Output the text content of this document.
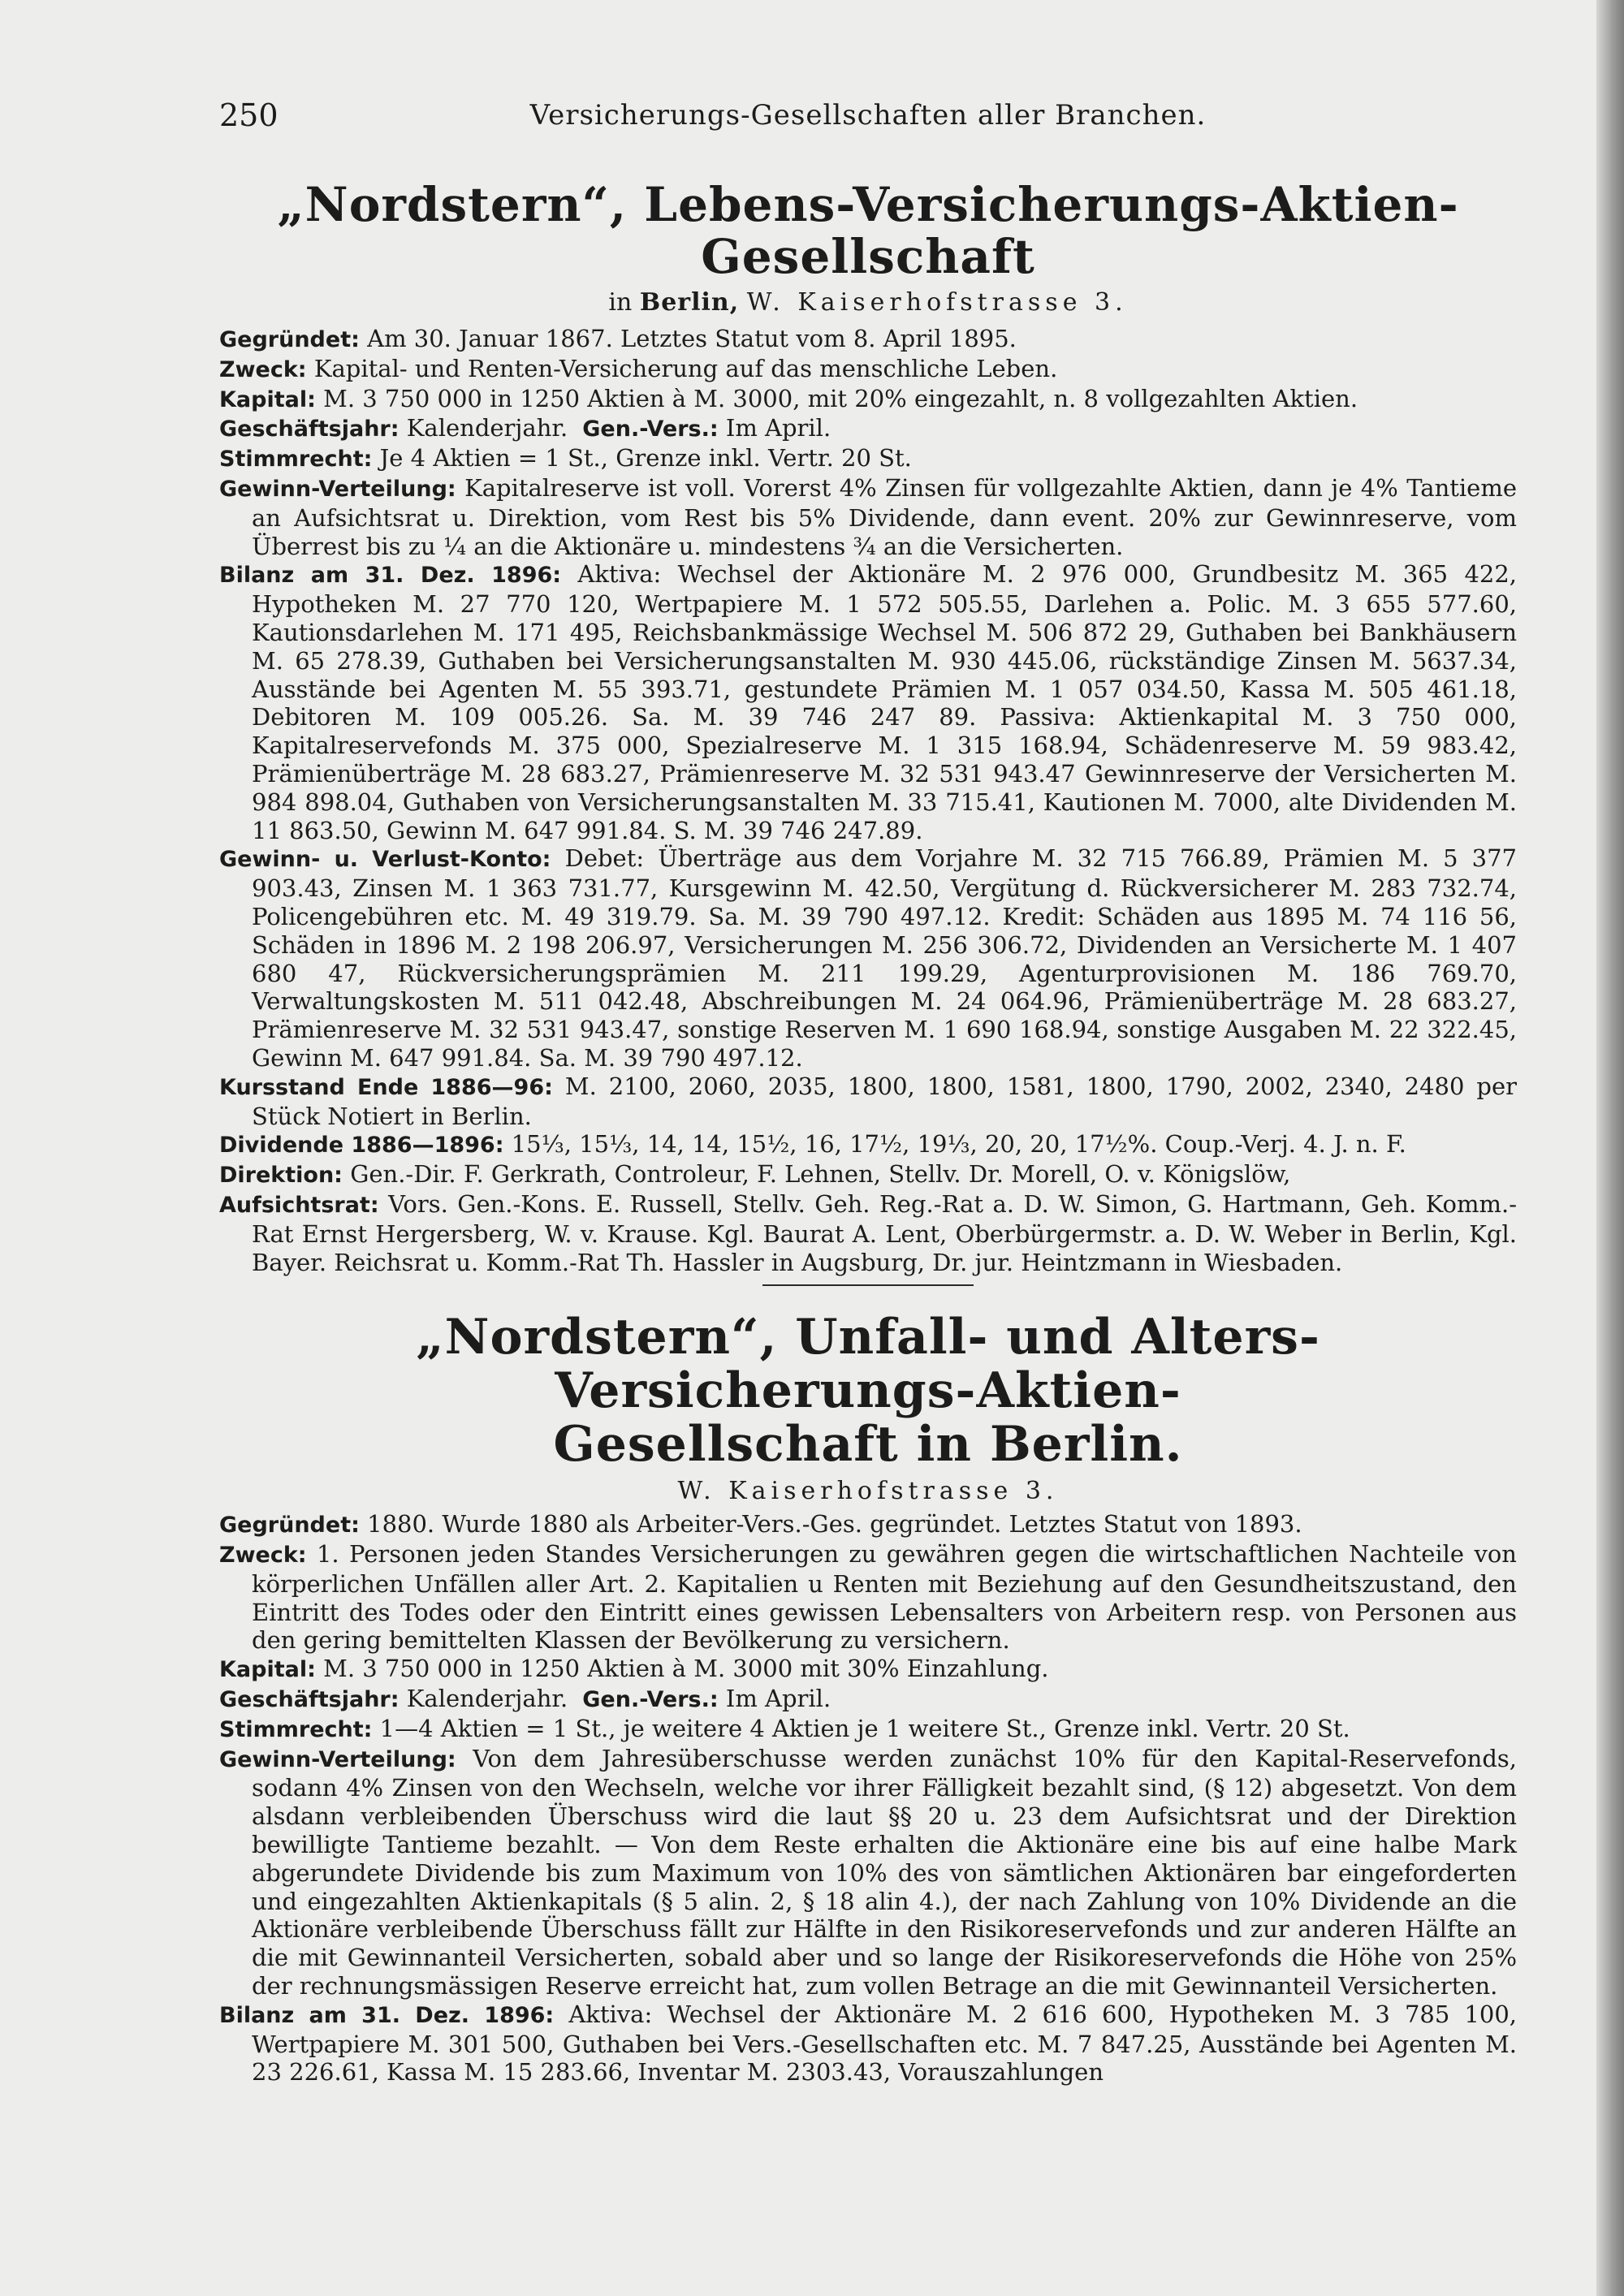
250	Versicherungs-Gesellschaften aller Branchen.
„Nordstern“, Lebens-Versicherungs-Aktien-Gesellschaft
in Berlin, W. Kaiserhofstrasse 3.

Gegründet: Am 30. Januar 1867. Letztes Statut vom 8. April 1895.

Zweck: Kapital- und Renten-Versicherung auf das menschliche Leben.

Kapital: M. 3 750 000 in 1250 Aktien à M. 3000, mit 20% eingezahlt, n. 8 vollgezahlten Aktien.

Geschäftsjahr: Kalenderjahr. Gen.-Vers.: Im April.

Stimmrecht: Je 4 Aktien = 1 St., Grenze inkl. Vertr. 20 St.

Gewinn-Verteilung: Kapitalreserve ist voll. Vorerst 4% Zinsen für vollgezahlte Aktien, dann je 4% Tantieme an Aufsichtsrat u. Direktion, vom Rest bis 5% Dividende, dann event. 20% zur Gewinnreserve, vom Überrest bis zu ¼ an die Aktionäre u. mindestens ¾ an die Versicherten.

Bilanz am 31. Dez. 1896: Aktiva: Wechsel der Aktionäre M. 2 976 000, Grundbesitz M. 365 422, Hypotheken M. 27 770 120, Wertpapiere M. 1 572 505.55, Darlehen a. Polic. M. 3 655 577.60, Kautionsdarlehen M. 171 495, Reichsbankmässige Wechsel M. 506 872 29, Guthaben bei Bankhäusern M. 65 278.39, Guthaben bei Versicherungsanstalten M. 930 445.06, rückständige Zinsen M. 5637.34, Ausstände bei Agenten M. 55 393.71, gestundete Prämien M. 1 057 034.50, Kassa M. 505 461.18, Debitoren M. 109 005.26. Sa. M. 39 746 247 89. Passiva: Aktienkapital M. 3 750 000, Kapitalreservefonds M. 375 000, Spezialreserve M. 1 315 168.94, Schädenreserve M. 59 983.42, Prämienüberträge M. 28 683.27, Prämienreserve M. 32 531 943.47 Gewinnreserve der Versicherten M. 984 898.04, Guthaben von Versicherungsanstalten M. 33 715.41, Kautionen M. 7000, alte Dividenden M. 11 863.50, Gewinn M. 647 991.84. S. M. 39 746 247.89.

Gewinn- u. Verlust-Konto: Debet: Überträge aus dem Vorjahre M. 32 715 766.89, Prämien M. 5 377 903.43, Zinsen M. 1 363 731.77, Kursgewinn M. 42.50, Vergütung d. Rückversicherer M. 283 732.74, Policengebühren etc. M. 49 319.79. Sa. M. 39 790 497.12. Kredit: Schäden aus 1895 M. 74 116 56, Schäden in 1896 M. 2 198 206.97, Versicherungen M. 256 306.72, Dividenden an Versicherte M. 1 407 680 47, Rückversicherungsprämien M. 211 199.29, Agenturprovisionen M. 186 769.70, Verwaltungskosten M. 511 042.48, Abschreibungen M. 24 064.96, Prämienüberträge M. 28 683.27, Prämienreserve M. 32 531 943.47, sonstige Reserven M. 1 690 168.94, sonstige Ausgaben M. 22 322.45, Gewinn M. 647 991.84. Sa. M. 39 790 497.12.

Kursstand Ende 1886—96: M. 2100, 2060, 2035, 1800, 1800, 1581, 1800, 1790, 2002, 2340, 2480 per Stück Notiert in Berlin.

Dividende 1886—1896: 15⅓, 15⅓, 14, 14, 15½, 16, 17½, 19⅓, 20, 20, 17½%. Coup.-Verj. 4. J. n. F.

Direktion: Gen.-Dir. F. Gerkrath, Controleur, F. Lehnen, Stellv. Dr. Morell, O. v. Königslöw,

Aufsichtsrat: Vors. Gen.-Kons. E. Russell, Stellv. Geh. Reg.-Rat a. D. W. Simon, G. Hartmann, Geh. Komm.-Rat Ernst Hergersberg, W. v. Krause. Kgl. Baurat A. Lent, Oberbürgermstr. a. D. W. Weber in Berlin, Kgl. Bayer. Reichsrat u. Komm.-Rat Th. Hassler in Augsburg, Dr. jur. Heintzmann in Wiesbaden.

„Nordstern“, Unfall- und Alters-Versicherungs-Aktien-
Gesellschaft in Berlin.
W. Kaiserhofstrasse 3.

Gegründet: 1880. Wurde 1880 als Arbeiter-Vers.-Ges. gegründet. Letztes Statut von 1893.

Zweck: 1. Personen jeden Standes Versicherungen zu gewähren gegen die wirtschaftlichen Nachteile von körperlichen Unfällen aller Art. 2. Kapitalien u Renten mit Beziehung auf den Gesundheitszustand, den Eintritt des Todes oder den Eintritt eines gewissen Lebensalters von Arbeitern resp. von Personen aus den gering bemittelten Klassen der Bevölkerung zu versichern.

Kapital: M. 3 750 000 in 1250 Aktien à M. 3000 mit 30% Einzahlung.

Geschäftsjahr: Kalenderjahr. Gen.-Vers.: Im April.

Stimmrecht: 1—4 Aktien = 1 St., je weitere 4 Aktien je 1 weitere St., Grenze inkl. Vertr. 20 St.

Gewinn-Verteilung: Von dem Jahresüberschusse werden zunächst 10% für den Kapital-Reservefonds, sodann 4% Zinsen von den Wechseln, welche vor ihrer Fälligkeit bezahlt sind, (§ 12) abgesetzt. Von dem alsdann verbleibenden Überschuss wird die laut §§ 20 u. 23 dem Aufsichtsrat und der Direktion bewilligte Tantieme bezahlt. — Von dem Reste erhalten die Aktionäre eine bis auf eine halbe Mark abgerundete Dividende bis zum Maximum von 10% des von sämtlichen Aktionären bar eingeforderten und eingezahlten Aktienkapitals (§ 5 alin. 2, § 18 alin 4.), der nach Zahlung von 10% Dividende an die Aktionäre verbleibende Überschuss fällt zur Hälfte in den Risikoreservefonds und zur anderen Hälfte an die mit Gewinnanteil Versicherten, sobald aber und so lange der Risikoreservefonds die Höhe von 25% der rechnungsmässigen Reserve erreicht hat, zum vollen Betrage an die mit Gewinnanteil Versicherten.

Bilanz am 31. Dez. 1896: Aktiva: Wechsel der Aktionäre M. 2 616 600, Hypotheken M. 3 785 100, Wertpapiere M. 301 500, Guthaben bei Vers.-Gesellschaften etc. M. 7 847.25, Ausstände bei Agenten M. 23 226.61, Kassa M. 15 283.66, Inventar M. 2303.43, Vorauszahlungen
